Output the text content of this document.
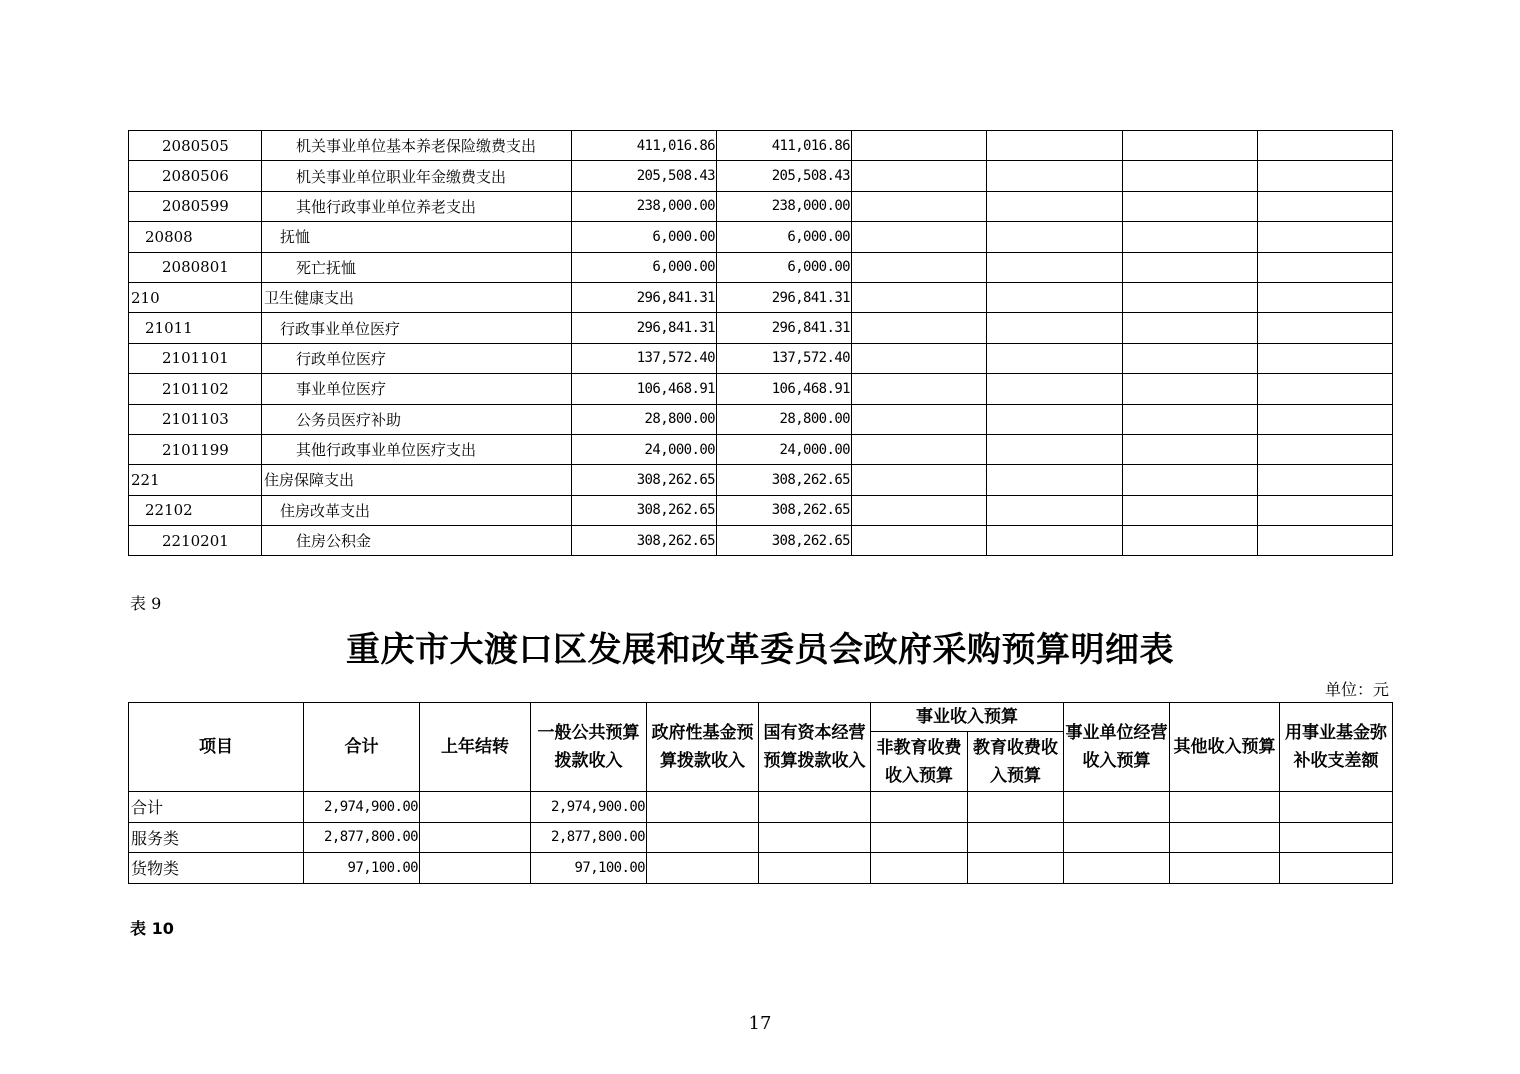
2080505	机关事业单位基本养老保险缴费支出	411,016.86	411,016.86				
2080506	机关事业单位职业年金缴费支出	205,508.43	205,508.43				
2080599	其他行政事业单位养老支出	238,000.00	238,000.00				
20808	抚恤	6,000.00	6,000.00				
2080801	死亡抚恤	6,000.00	6,000.00				
210	卫生健康支出	296,841.31	296,841.31				
21011	行政事业单位医疗	296,841.31	296,841.31				
2101101	行政单位医疗	137,572.40	137,572.40				
2101102	事业单位医疗	106,468.91	106,468.91				
2101103	公务员医疗补助	28,800.00	28,800.00				
2101199	其他行政事业单位医疗支出	24,000.00	24,000.00				
221	住房保障支出	308,262.65	308,262.65				
22102	住房改革支出	308,262.65	308,262.65				
2210201	住房公积金	308,262.65	308,262.65				
表 9
重庆市大渡口区发展和改革委员会政府采购预算明细表
单位：元
项目	合计	上年结转	一般公共预算拨款收入	政府性基金预算拨款收入	国有资本经营预算拨款收入	事业收入预算		事业单位经营收入预算	其他收入预算	用事业基金弥补收支差额
						非教育收费收入预算	教育收费收入预算			
合计	2,974,900.00		2,974,900.00							
服务类	2,877,800.00		2,877,800.00							
货物类	97,100.00		97,100.00							
表 10
17
